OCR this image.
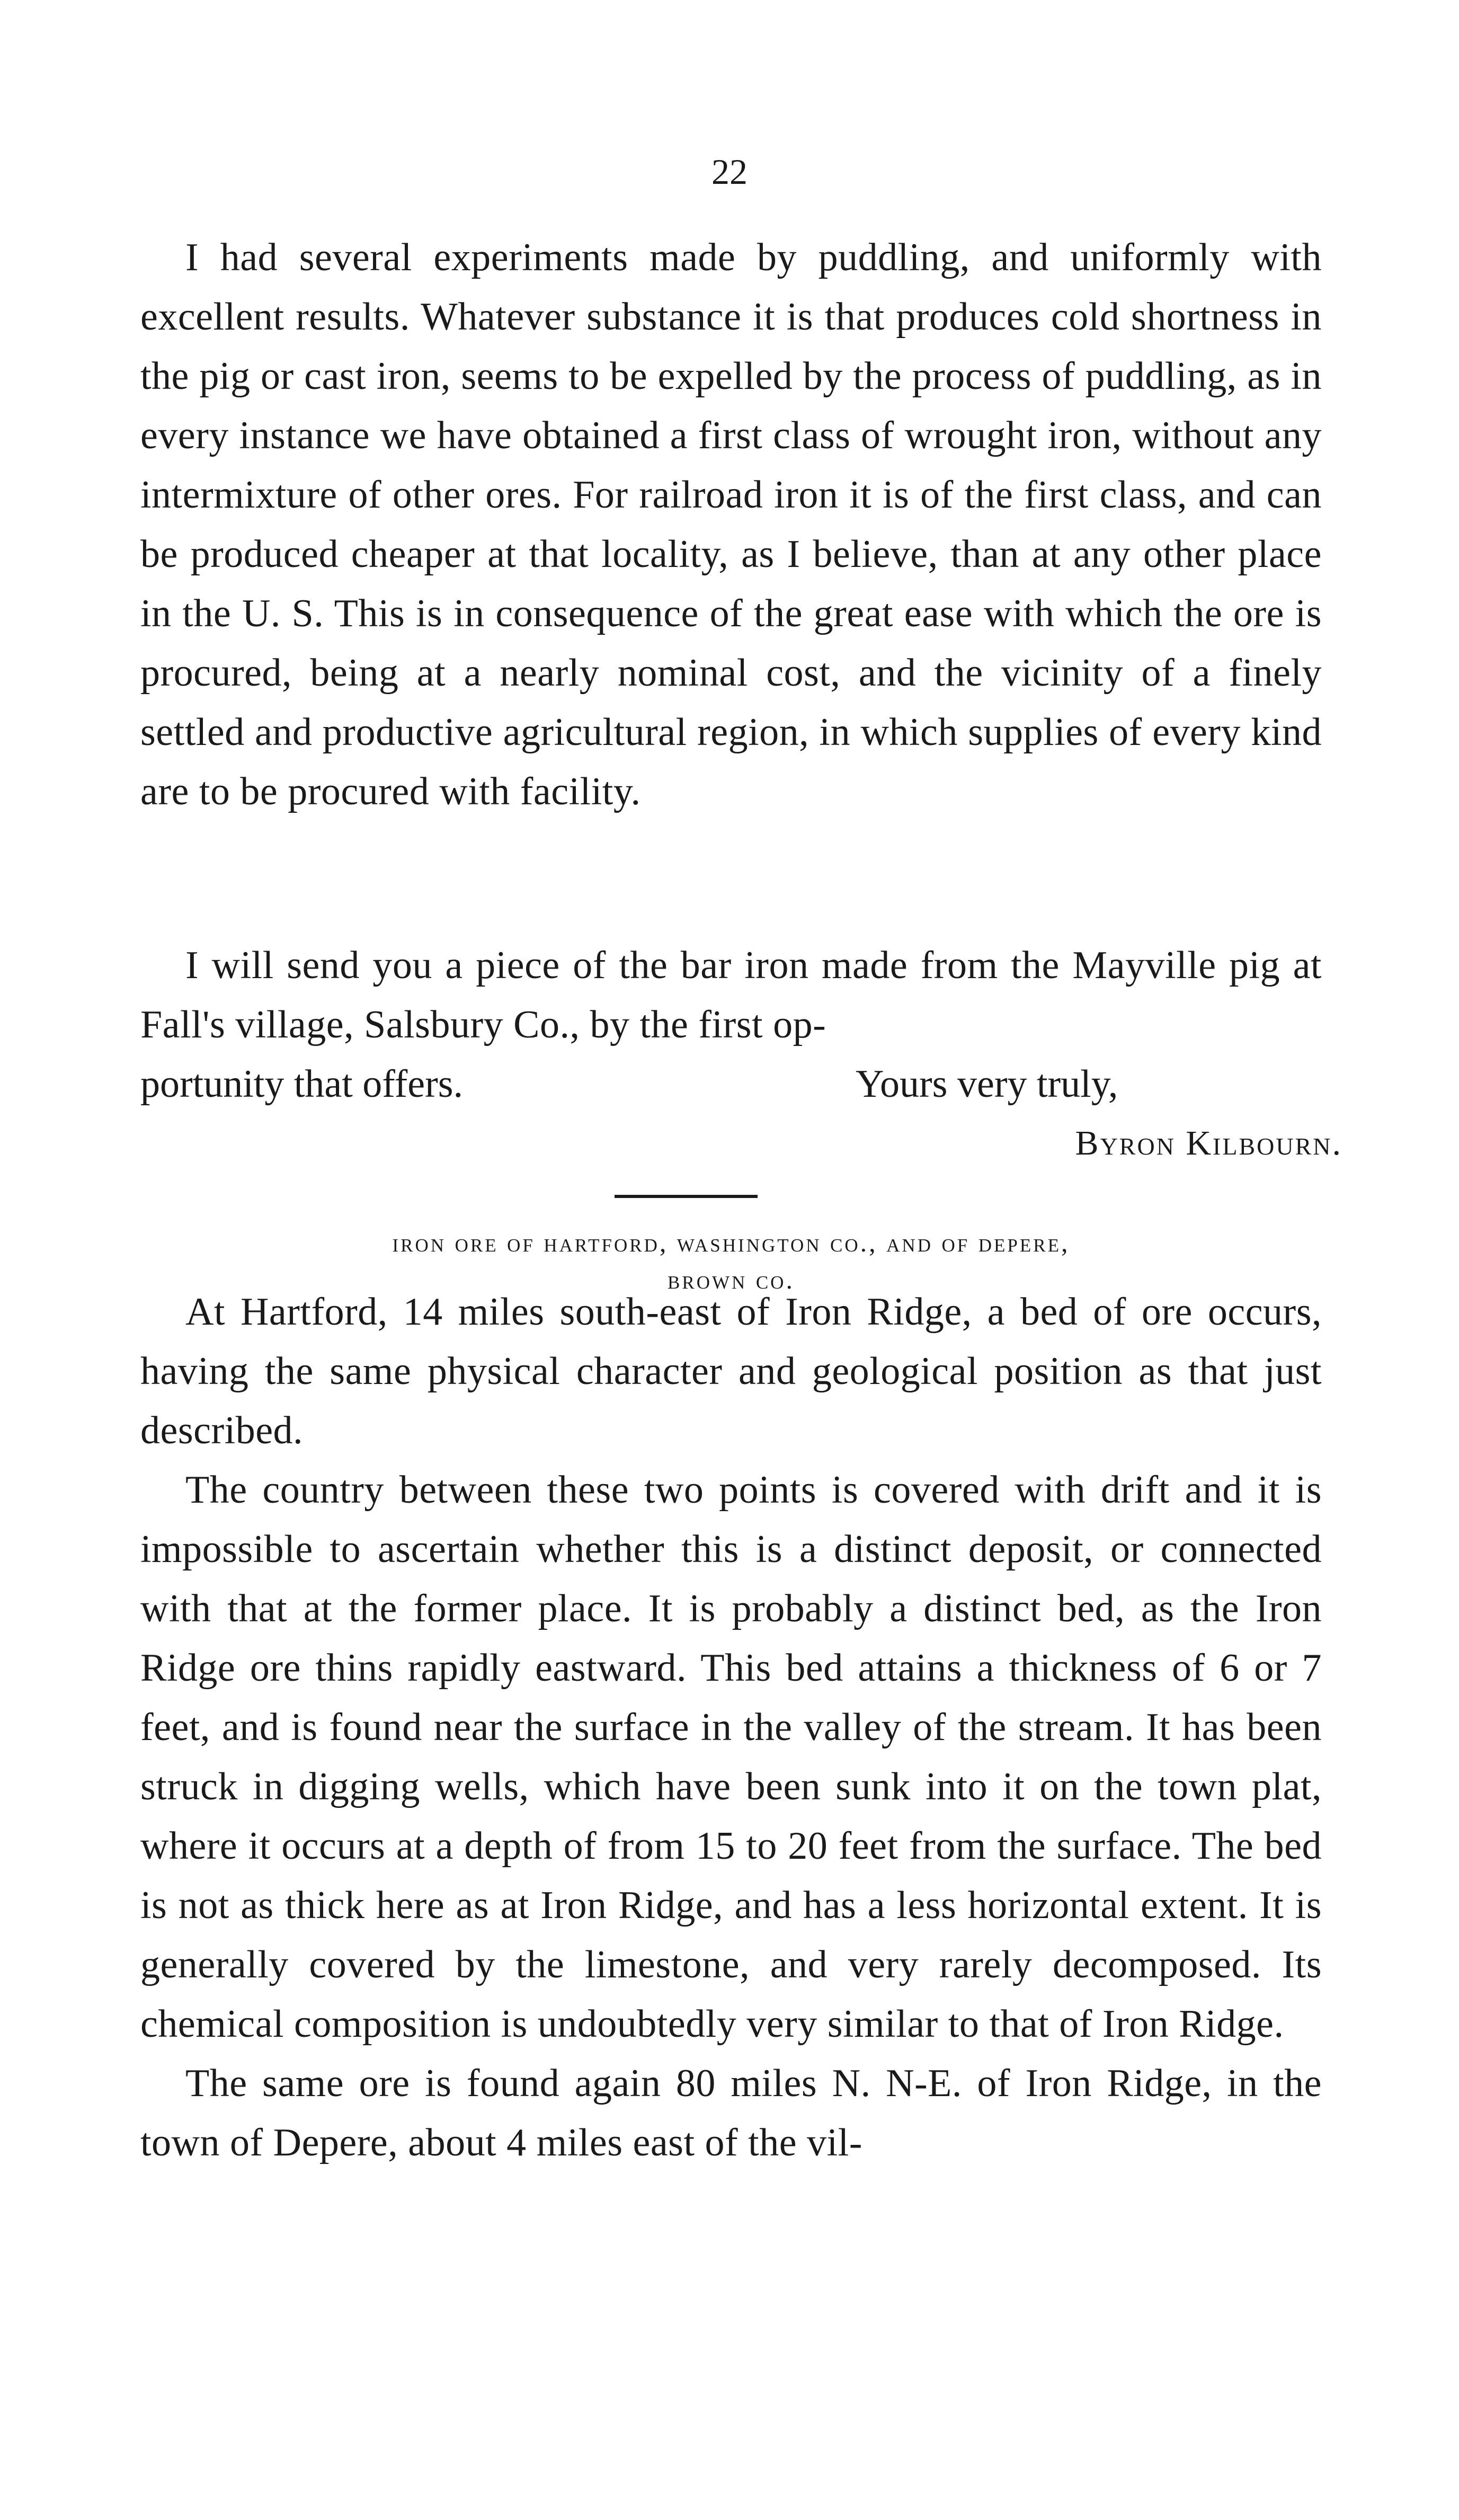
22

I had several experiments made by puddling, and uniformly with excellent results. Whatever substance it is that produces cold shortness in the pig or cast iron, seems to be expelled by the process of puddling, as in every instance we have obtained a first class of wrought iron, without any intermixture of other ores. For railroad iron it is of the first class, and can be produced cheaper at that locality, as I believe, than at any other place in the U. S. This is in consequence of the great ease with which the ore is procured, being at a nearly nominal cost, and the vicinity of a finely settled and productive agricultural region, in which supplies of every kind are to be procured with facility.

portunity that offers.	Yours very truly,
Byron Kilbourn.
iron ore of hartford, washington co., and of depere,
brown co.

At Hartford, 14 miles south-east of Iron Ridge, a bed of ore occurs, having the same physical character and geological position as that just described.

The country between these two points is covered with drift and it is impossible to ascertain whether this is a distinct deposit, or connected with that at the former place. It is probably a distinct bed, as the Iron Ridge ore thins rapidly eastward. This bed attains a thickness of 6 or 7 feet, and is found near the surface in the valley of the stream. It has been struck in digging wells, which have been sunk into it on the town plat, where it occurs at a depth of from 15 to 20 feet from the surface. The bed is not as thick here as at Iron Ridge, and has a less horizontal extent. It is generally covered by the limestone, and very rarely decomposed. Its chemical composition is undoubtedly very similar to that of Iron Ridge.

The same ore is found again 80 miles N. N-E. of Iron Ridge, in the town of Depere, about 4 miles east of the vil-

I will send you a piece of the bar iron made from the Mayville pig at Fall's village, Salsbury Co., by the first op-
